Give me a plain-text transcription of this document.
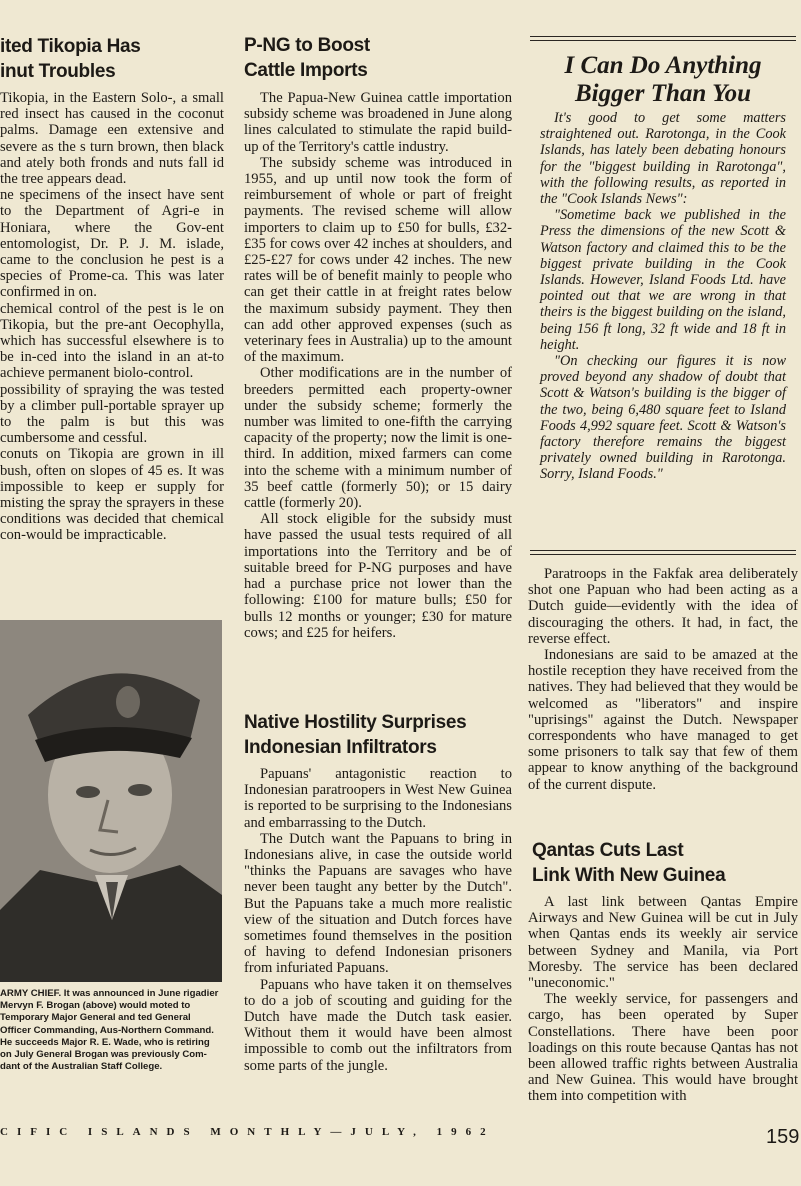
ited Tikopia Has
inut Troubles

Tikopia, in the Eastern Solo-, a small red insect has caused in the coconut palms. Damage een extensive and severe as the s turn brown, then black and ately both fronds and nuts fall id the tree appears dead.

ne specimens of the insect have sent to the Department of Agri-e in Honiara, where the Gov-ent entomologist, Dr. P. J. M. islade, came to the conclusion he pest is a species of Prome-ca. This was later confirmed in on.

chemical control of the pest is le on Tikopia, but the pre-ant Oecophylla, which has successful elsewhere is to be in-ced into the island in an at-to achieve permanent biolo-control.

possibility of spraying the was tested by a climber pull-portable sprayer up to the palm is but this was cumbersome and cessful.

conuts on Tikopia are grown in ill bush, often on slopes of 45 es. It was impossible to keep er supply for misting the spray the sprayers in these conditions was decided that chemical con-would be impracticable.

ARMY CHIEF. It was announced in June rigadier Mervyn F. Brogan (above) would moted to Temporary Major General and ted General Officer Commanding, Aus-Northern Command. He succeeds Major R. E. Wade, who is retiring on July General Brogan was previously Com-dant of the Australian Staff College.

P-NG to Boost
Cattle Imports

The Papua-New Guinea cattle importation subsidy scheme was broadened in June along lines calculated to stimulate the rapid build-up of the Territory's cattle industry.

The subsidy scheme was introduced in 1955, and up until now took the form of reimbursement of whole or part of freight payments. The revised scheme will allow importers to claim up to £50 for bulls, £32-£35 for cows over 42 inches at shoulders, and £25-£27 for cows under 42 inches. The new rates will be of benefit mainly to people who can get their cattle in at freight rates below the maximum subsidy payment. They then can add other approved expenses (such as veterinary fees in Australia) up to the amount of the maximum.

Other modifications are in the number of breeders permitted each property-owner under the subsidy scheme; formerly the number was limited to one-fifth the carrying capacity of the property; now the limit is one-third. In addition, mixed farmers can come into the scheme with a minimum number of 35 beef cattle (formerly 50); or 15 dairy cattle (formerly 20).

All stock eligible for the subsidy must have passed the usual tests required of all importations into the Territory and be of suitable breed for P-NG purposes and have had a purchase price not lower than the following: £100 for mature bulls; £50 for bulls 12 months or younger; £30 for mature cows; and £25 for heifers.

Native Hostility Surprises
Indonesian Infiltrators

Papuans' antagonistic reaction to Indonesian paratroopers in West New Guinea is reported to be surprising to the Indonesians and embarrassing to the Dutch.

The Dutch want the Papuans to bring in Indonesians alive, in case the outside world "thinks the Papuans are savages who have never been taught any better by the Dutch". But the Papuans take a much more realistic view of the situation and Dutch forces have sometimes found themselves in the position of having to defend Indonesian prisoners from infuriated Papuans.

Papuans who have taken it on themselves to do a job of scouting and guiding for the Dutch have made the Dutch task easier. Without them it would have been almost impossible to comb out the infiltrators from some parts of the jungle.

I Can Do Anything
Bigger Than You

It's good to get some matters straightened out. Rarotonga, in the Cook Islands, has lately been debating honours for the "biggest building in Rarotonga", with the following results, as reported in the "Cook Islands News":

"Sometime back we published in the Press the dimensions of the new Scott & Watson factory and claimed this to be the biggest private building in the Cook Islands. However, Island Foods Ltd. have pointed out that we are wrong in that theirs is the biggest building on the island, being 156 ft long, 32 ft wide and 18 ft in height.

"On checking our figures it is now proved beyond any shadow of doubt that Scott & Watson's building is the bigger of the two, being 6,480 square feet to Island Foods 4,992 square feet. Scott & Watson's factory therefore remains the biggest privately owned building in Rarotonga. Sorry, Island Foods."

Paratroops in the Fakfak area deliberately shot one Papuan who had been acting as a Dutch guide—evidently with the idea of discouraging the others. It had, in fact, the reverse effect.

Indonesians are said to be amazed at the hostile reception they have received from the natives. They had believed that they would be welcomed as "liberators" and inspire "uprisings" against the Dutch. Newspaper correspondents who have managed to get some prisoners to talk say that few of them appear to know anything of the background of the current dispute.

Qantas Cuts Last
Link With New Guinea

A last link between Qantas Empire Airways and New Guinea will be cut in July when Qantas ends its weekly air service between Sydney and Manila, via Port Moresby. The service has been declared "uneconomic."

The weekly service, for passengers and cargo, has been operated by Super Constellations. There have been poor loadings on this route because Qantas has not been allowed traffic rights between Australia and New Guinea. This would have brought them into competition with

CIFIC ISLANDS MONTHLY—JULY, 1962	159
